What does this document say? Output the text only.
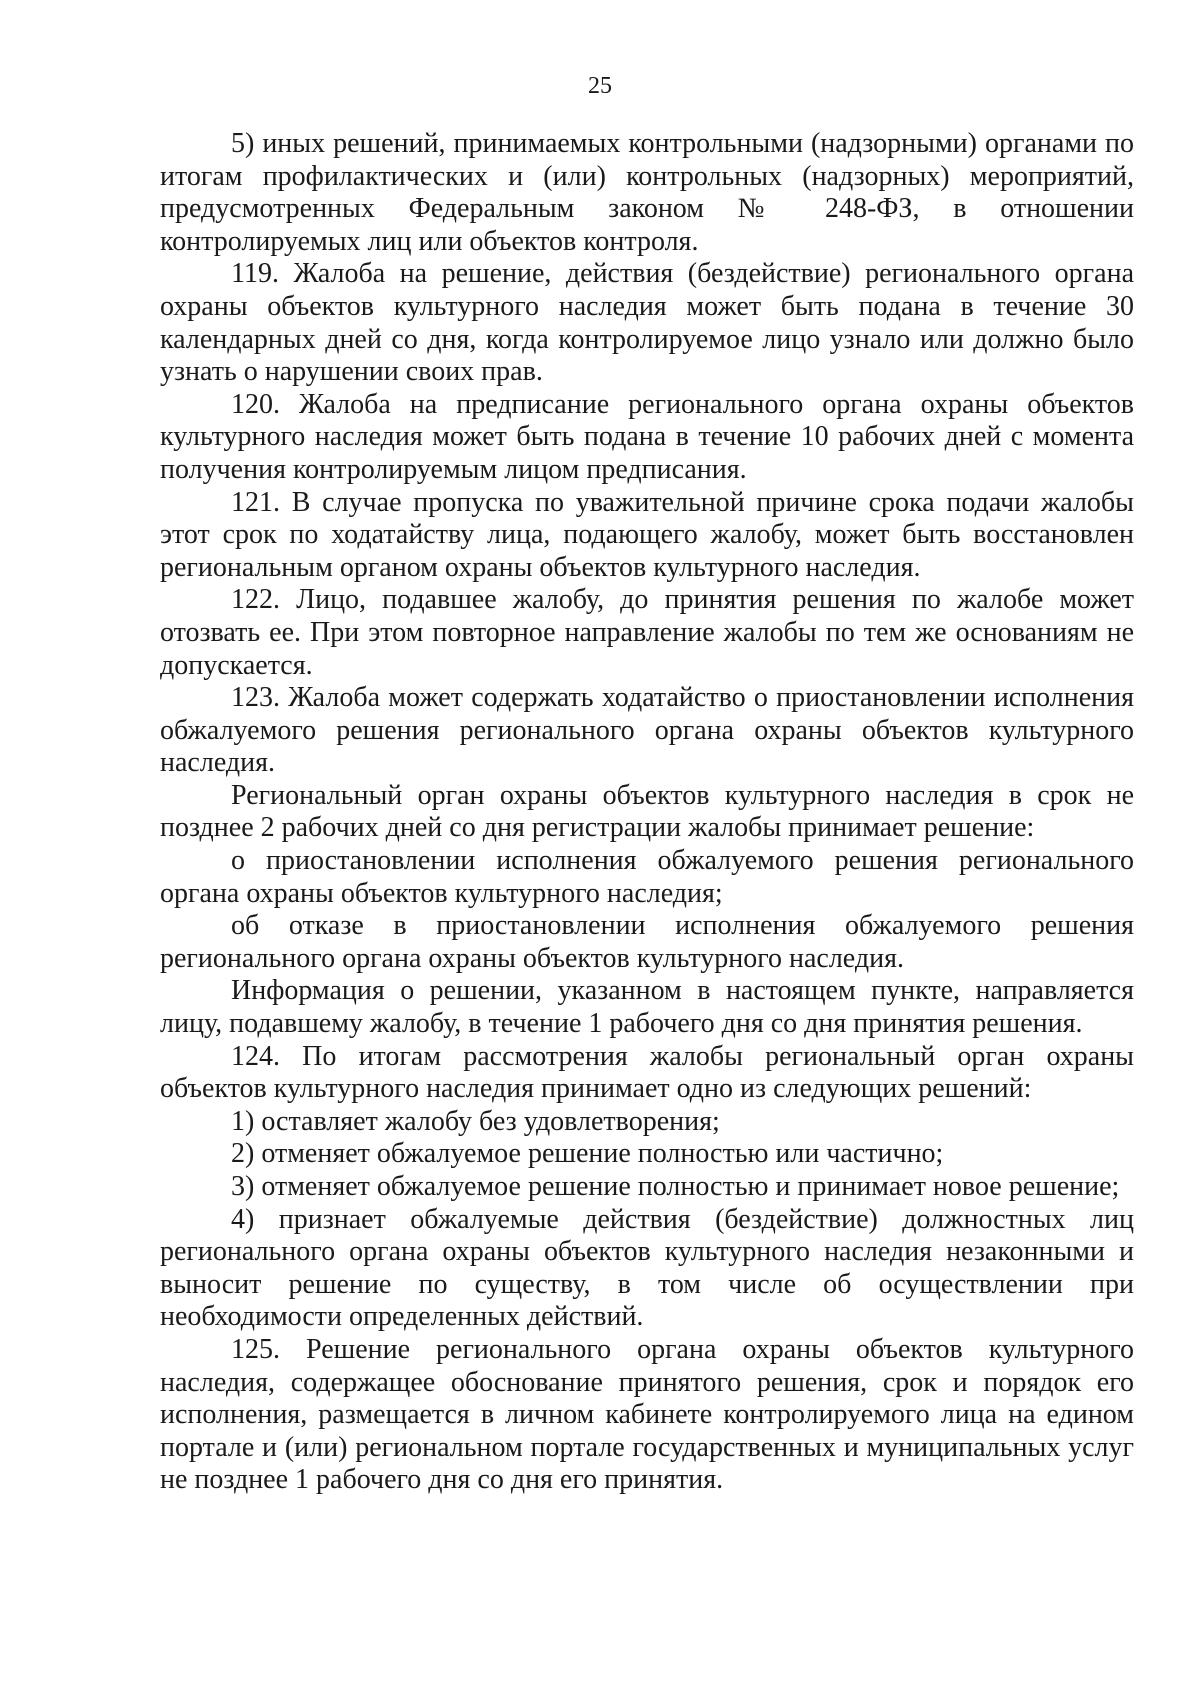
25

5) иных решений, принимаемых контрольными (надзорными) органами по итогам профилактических и (или) контрольных (надзорных) мероприятий, предусмотренных Федеральным законом № 248-ФЗ, в отношении контролируемых лиц или объектов контроля.

119. Жалоба на решение, действия (бездействие) регионального органа охраны объектов культурного наследия может быть подана в течение 30 календарных дней со дня, когда контролируемое лицо узнало или должно было узнать о нарушении своих прав.

120. Жалоба на предписание регионального органа охраны объектов культурного наследия может быть подана в течение 10 рабочих дней с момента получения контролируемым лицом предписания.

121. В случае пропуска по уважительной причине срока подачи жалобы этот срок по ходатайству лица, подающего жалобу, может быть восстановлен региональным органом охраны объектов культурного наследия.

122. Лицо, подавшее жалобу, до принятия решения по жалобе может отозвать ее. При этом повторное направление жалобы по тем же основаниям не допускается.

123. Жалоба может содержать ходатайство о приостановлении исполнения обжалуемого решения регионального органа охраны объектов культурного наследия.

Региональный орган охраны объектов культурного наследия в срок не позднее 2 рабочих дней со дня регистрации жалобы принимает решение:

о приостановлении исполнения обжалуемого решения регионального органа охраны объектов культурного наследия;

об отказе в приостановлении исполнения обжалуемого решения регионального органа охраны объектов культурного наследия.

Информация о решении, указанном в настоящем пункте, направляется лицу, подавшему жалобу, в течение 1 рабочего дня со дня принятия решения.

124. По итогам рассмотрения жалобы региональный орган охраны объектов культурного наследия принимает одно из следующих решений:

1) оставляет жалобу без удовлетворения;

2) отменяет обжалуемое решение полностью или частично;

3) отменяет обжалуемое решение полностью и принимает новое решение;

4) признает обжалуемые действия (бездействие) должностных лиц регионального органа охраны объектов культурного наследия незаконными и выносит решение по существу, в том числе об осуществлении при необходимости определенных действий.

125. Решение регионального органа охраны объектов культурного наследия, содержащее обоснование принятого решения, срок и порядок его исполнения, размещается в личном кабинете контролируемого лица на едином портале и (или) региональном портале государственных и муниципальных услуг не позднее 1 рабочего дня со дня его принятия.
